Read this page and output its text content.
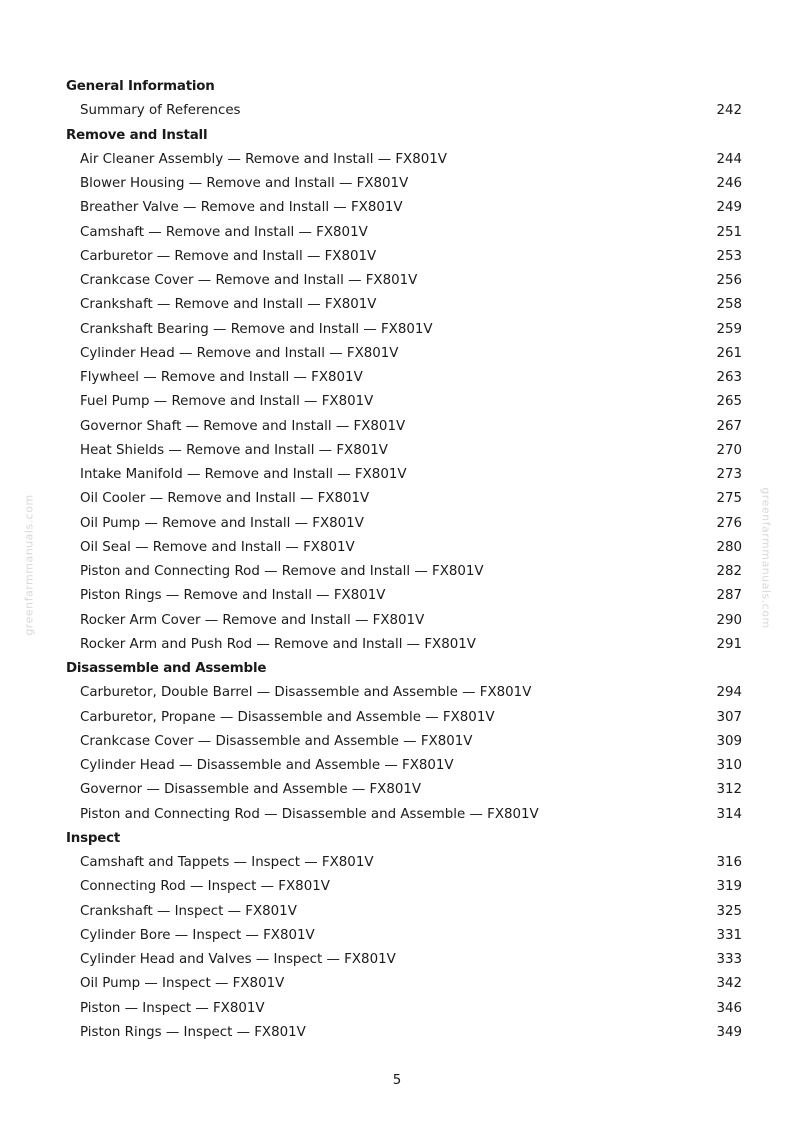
General Information
Summary of References	242
Remove and Install
Air Cleaner Assembly — Remove and Install — FX801V	244
Blower Housing — Remove and Install — FX801V	246
Breather Valve — Remove and Install — FX801V	249
Camshaft — Remove and Install — FX801V	251
Carburetor — Remove and Install — FX801V	253
Crankcase Cover — Remove and Install — FX801V	256
Crankshaft — Remove and Install — FX801V	258
Crankshaft Bearing — Remove and Install — FX801V	259
Cylinder Head — Remove and Install — FX801V	261
Flywheel — Remove and Install — FX801V	263
Fuel Pump — Remove and Install — FX801V	265
Governor Shaft — Remove and Install — FX801V	267
Heat Shields — Remove and Install — FX801V	270
Intake Manifold — Remove and Install — FX801V	273
Oil Cooler — Remove and Install — FX801V	275
Oil Pump — Remove and Install — FX801V	276
Oil Seal — Remove and Install — FX801V	280
Piston and Connecting Rod — Remove and Install — FX801V	282
Piston Rings — Remove and Install — FX801V	287
Rocker Arm Cover — Remove and Install — FX801V	290
Rocker Arm and Push Rod — Remove and Install — FX801V	291
Disassemble and Assemble
Carburetor, Double Barrel — Disassemble and Assemble — FX801V	294
Carburetor, Propane — Disassemble and Assemble — FX801V	307
Crankcase Cover — Disassemble and Assemble — FX801V	309
Cylinder Head — Disassemble and Assemble — FX801V	310
Governor — Disassemble and Assemble — FX801V	312
Piston and Connecting Rod — Disassemble and Assemble — FX801V	314
Inspect
Camshaft and Tappets — Inspect — FX801V	316
Connecting Rod — Inspect — FX801V	319
Crankshaft — Inspect — FX801V	325
Cylinder Bore — Inspect — FX801V	331
Cylinder Head and Valves — Inspect — FX801V	333
Oil Pump — Inspect — FX801V	342
Piston — Inspect — FX801V	346
Piston Rings — Inspect — FX801V	349
greenfarmmanuals.com	greenfarmmanuals.com
5
